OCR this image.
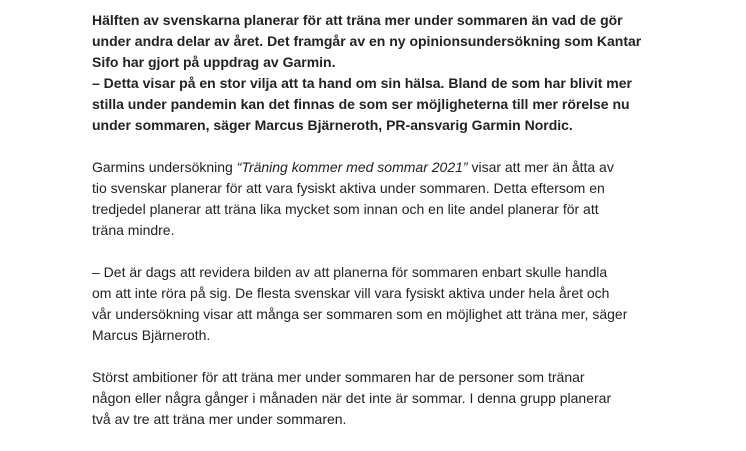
Hälften av svenskarna planerar för att träna mer under sommaren än vad de gör
under andra delar av året. Det framgår av en ny opinionsundersökning som Kantar
Sifo har gjort på uppdrag av Garmin.
– Detta visar på en stor vilja att ta hand om sin hälsa. Bland de som har blivit mer
stilla under pandemin kan det finnas de som ser möjligheterna till mer rörelse nu
under sommaren, säger Marcus Bjärneroth, PR-ansvarig Garmin Nordic.

Garmins undersökning “Träning kommer med sommar 2021” visar att mer än åtta av
tio svenskar planerar för att vara fysiskt aktiva under sommaren. Detta eftersom en
tredjedel planerar att träna lika mycket som innan och en lite andel planerar för att
träna mindre.

– Det är dags att revidera bilden av att planerna för sommaren enbart skulle handla
om att inte röra på sig. De flesta svenskar vill vara fysiskt aktiva under hela året och
vår undersökning visar att många ser sommaren som en möjlighet att träna mer, säger
Marcus Bjärneroth.

Störst ambitioner för att träna mer under sommaren har de personer som tränar
någon eller några gånger i månaden när det inte är sommar. I denna grupp planerar
två av tre att träna mer under sommaren.
